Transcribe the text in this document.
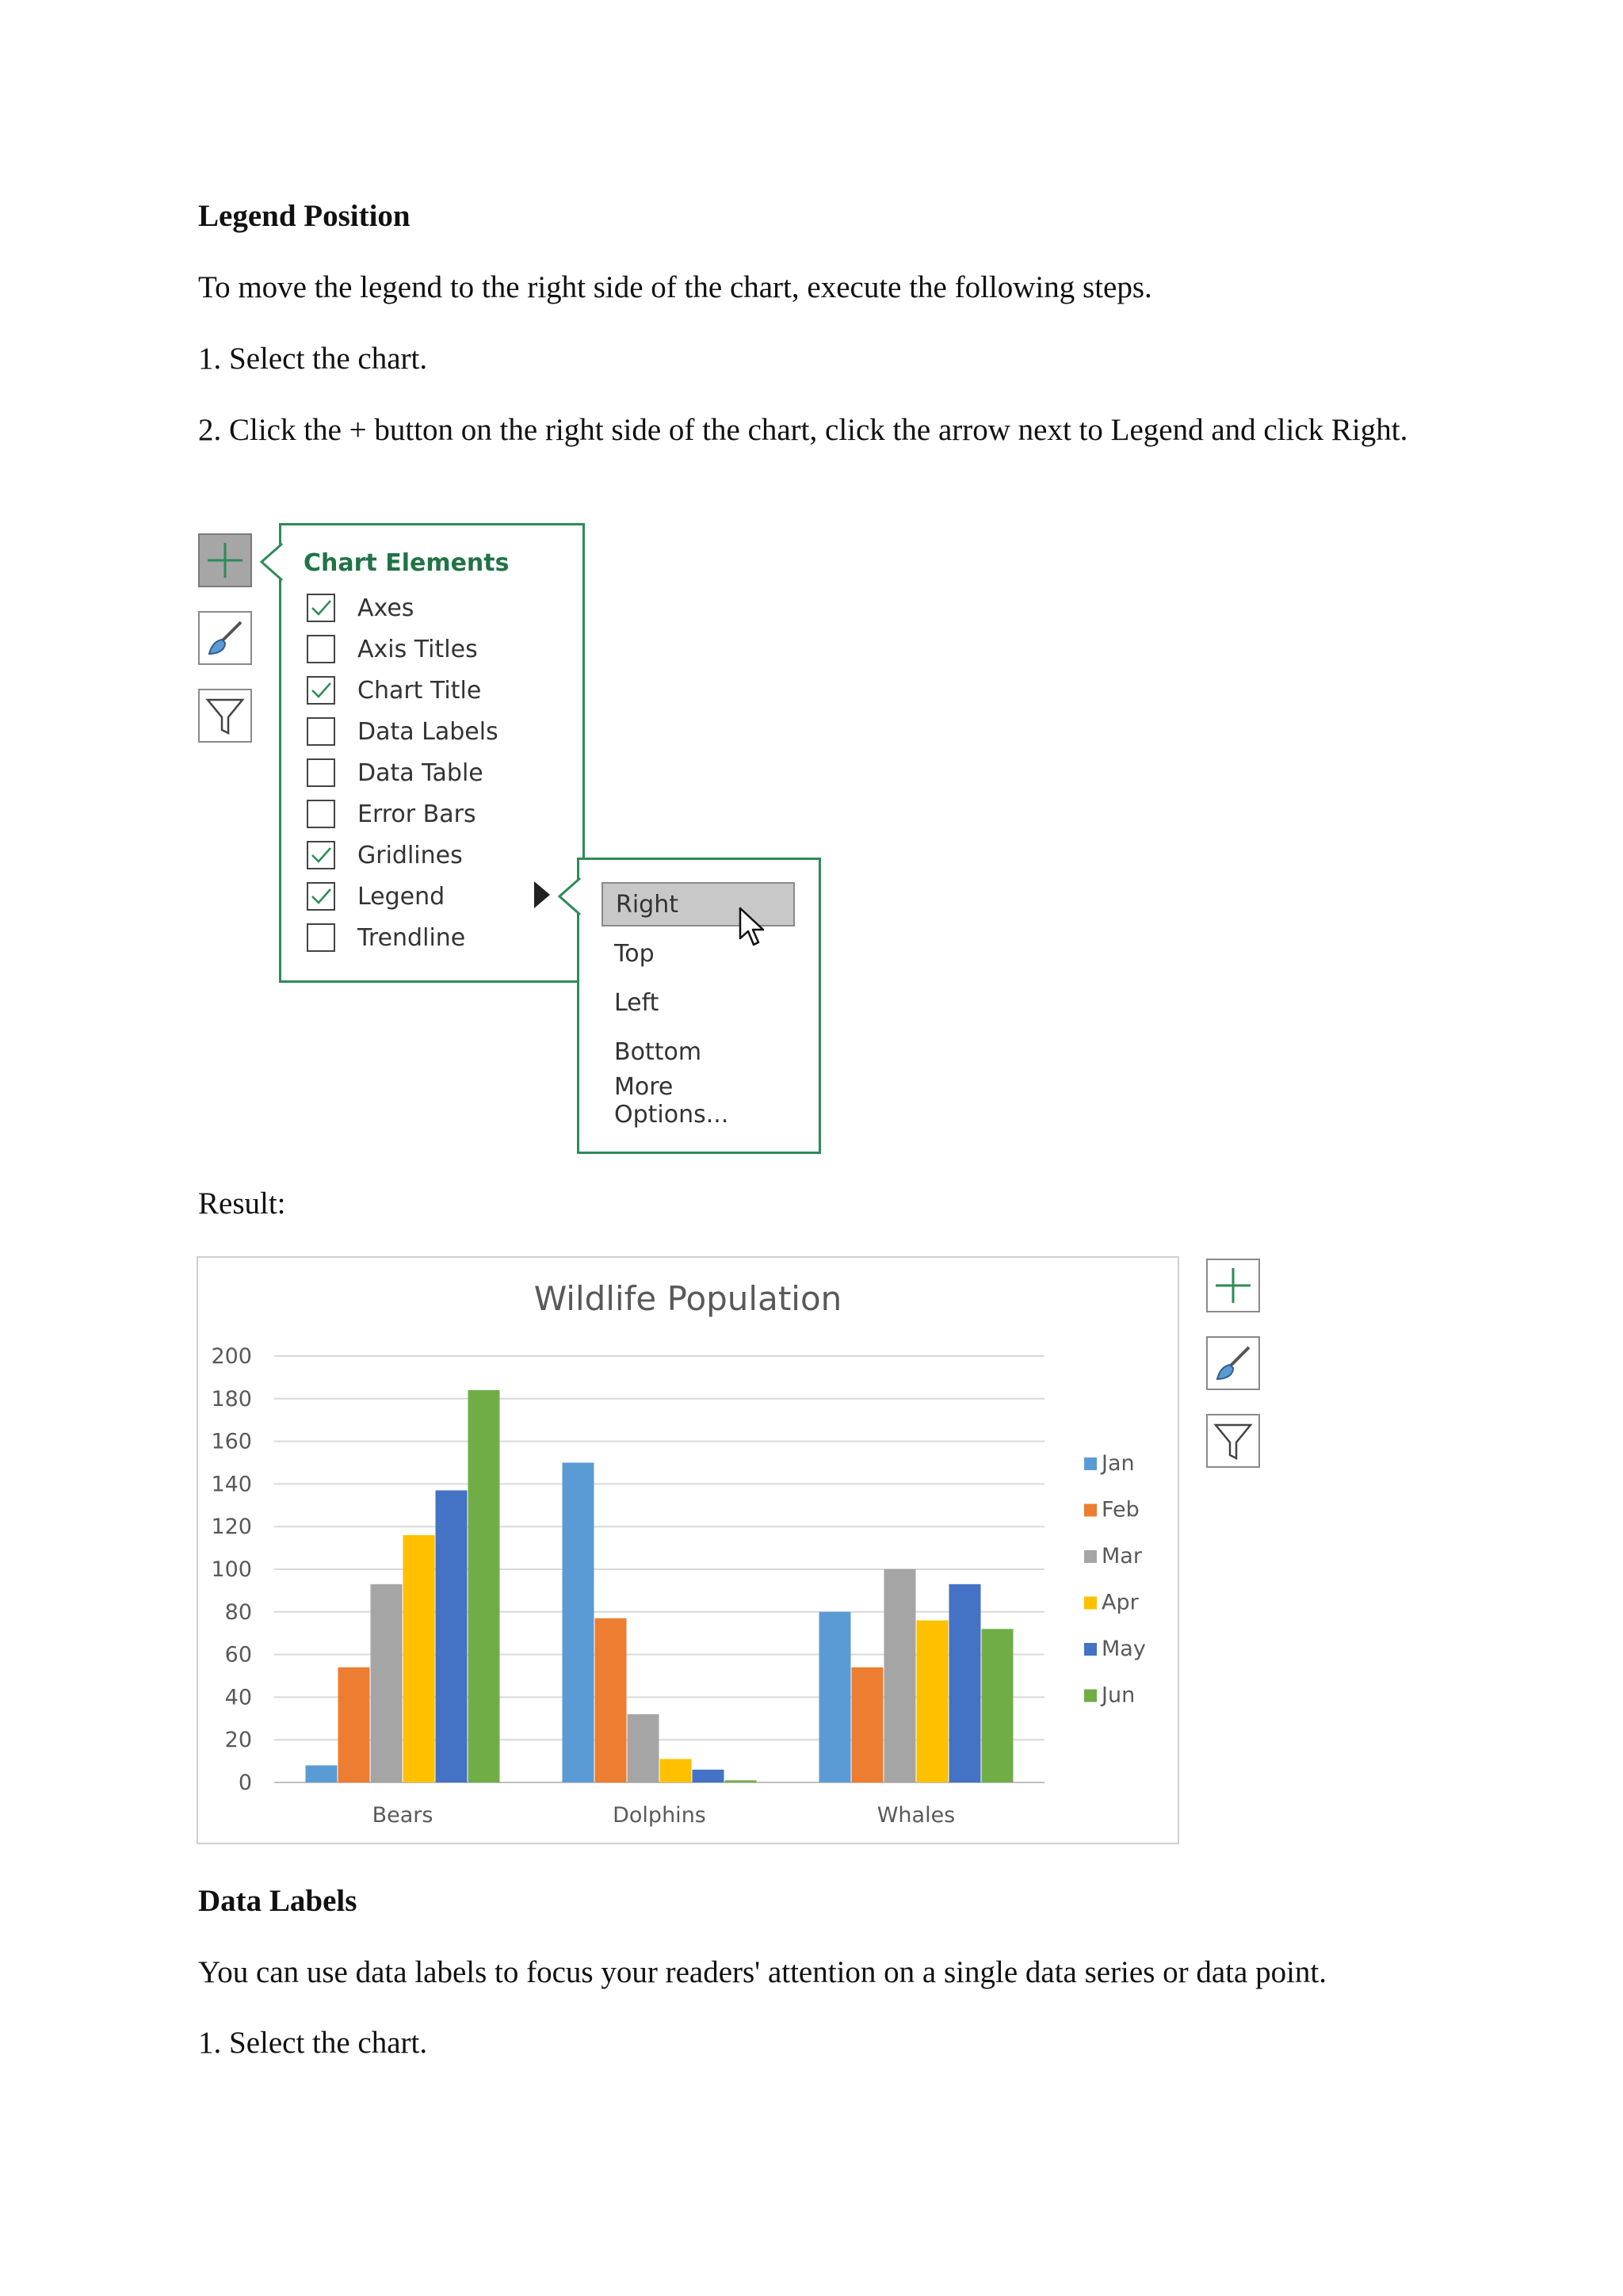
Legend Position

To move the legend to the right side of the chart, execute the following steps.

1. Select the chart.

2. Click the + button on the right side of the chart, click the arrow next to Legend and click Right.

Chart Elements
Axes
Axis Titles
Chart Title
Data Labels
Data Table
Error Bars
Gridlines
Legend
Trendline
Right
Top
Left
Bottom
More Options...

Result:

Wildlife Population
0
20
40
60
80
100
120
140
160
180
200
Bears	Dolphins	Whales
Jan
Feb
Mar
Apr
May
Jun

Data Labels

You can use data labels to focus your readers' attention on a single data series or data point.

1. Select the chart.
